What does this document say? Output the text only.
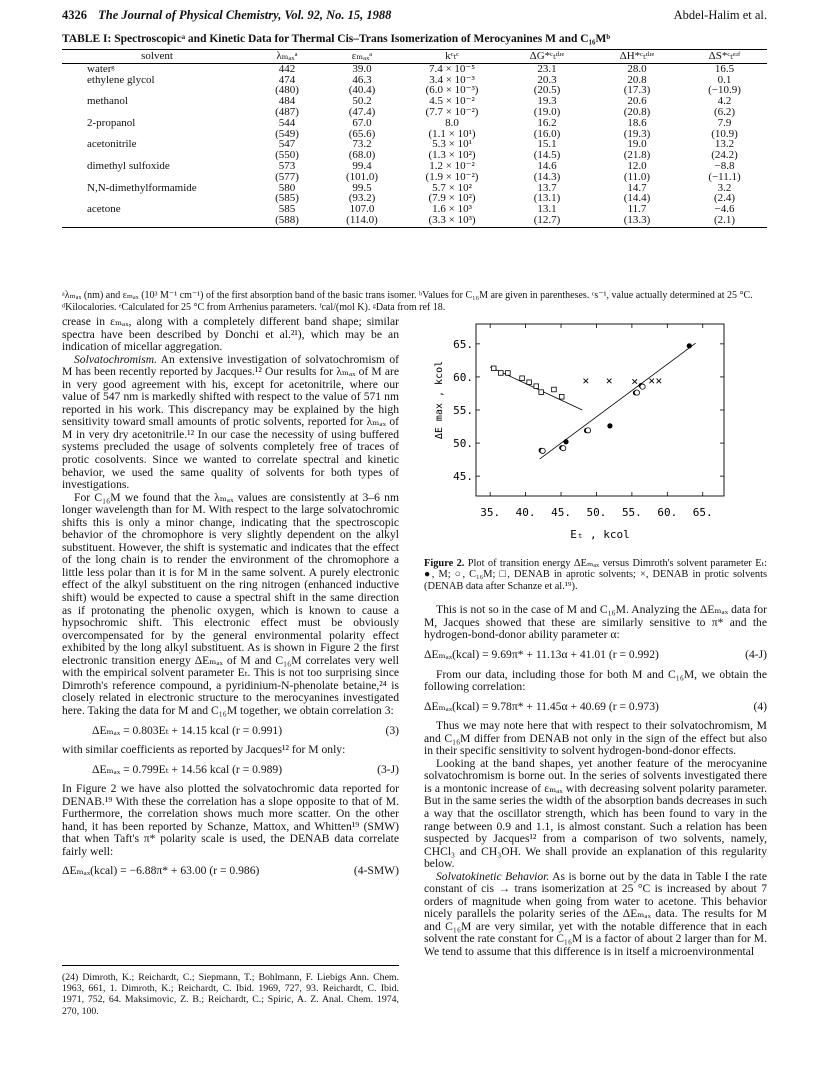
4326 The Journal of Physical Chemistry, Vol. 92, No. 15, 1988	Abdel-Halim et al.
TABLE I: Spectroscopicᵃ and Kinetic Data for Thermal Cis–Trans Isomerization of Merocyanines M and C₁₆Mᵇ
solvent	λₘₐₓᵃ	εₘₐₓᵃ	kᶜₜᶜ	ΔG*ᶜₜᵈʴᵉ	ΔH*ᶜₜᵈʴᵉ	ΔS*ᶜₜᵉʴᶠ
waterᵍ	442	39.0	7.4 × 10⁻⁵	23.1	28.0	16.5
ethylene glycol	474	46.3	3.4 × 10⁻³	20.3	20.8	0.1
	(480)	(40.4)	(6.0 × 10⁻³)	(20.5)	(17.3)	(−10.9)
methanol	484	50.2	4.5 × 10⁻²	19.3	20.6	4.2
	(487)	(47.4)	(7.7 × 10⁻²)	(19.0)	(20.8)	(6.2)
2-propanol	544	67.0	8.0	16.2	18.6	7.9
	(549)	(65.6)	(1.1 × 10¹)	(16.0)	(19.3)	(10.9)
acetonitrile	547	73.2	5.3 × 10¹	15.1	19.0	13.2
	(550)	(68.0)	(1.3 × 10²)	(14.5)	(21.8)	(24.2)
dimethyl sulfoxide	573	99.4	1.2 × 10⁻²	14.6	12.0	−8.8
	(577)	(101.0)	(1.9 × 10⁻²)	(14.3)	(11.0)	(−11.1)
N,N-dimethylformamide	580	99.5	5.7 × 10²	13.7	14.7	3.2
	(585)	(93.2)	(7.9 × 10²)	(13.1)	(14.4)	(2.4)
acetone	585	107.0	1.6 × 10³	13.1	11.7	−4.6
	(588)	(114.0)	(3.3 × 10³)	(12.7)	(13.3)	(2.1)
ᵃλₘₐₓ (nm) and εₘₐₓ (10³ M⁻¹ cm⁻¹) of the first absorption band of the basic trans isomer. ᵇValues for C₁₆M are given in parentheses. ᶜs⁻¹, value actually determined at 25 °C. ᵈKilocalories. ᵉCalculated for 25 °C from Arrhenius parameters. ᶠcal/(mol K). ᵍData from ref 18.

crease in εₘₐₓ, along with a completely different band shape; similar spectra have been described by Donchi et al.²¹), which may be an indication of micellar aggregation.

Solvatochromism. An extensive investigation of solvatochromism of M has been recently reported by Jacques.¹² Our results for λₘₐₓ of M are in very good agreement with his, except for acetonitrile, where our value of 547 nm is markedly shifted with respect to the value of 571 nm reported in his work. This discrepancy may be explained by the high sensitivity toward small amounts of protic solvents, reported for λₘₐₓ of M in very dry acetonitrile.¹² In our case the necessity of using buffered systems precluded the usage of solvents completely free of traces of protic cosolvents. Since we wanted to correlate spectral and kinetic behavior, we used the same quality of solvents for both types of investigations.

For C₁₆M we found that the λₘₐₓ values are consistently at 3–6 nm longer wavelength than for M. With respect to the large solvatochromic shifts this is only a minor change, indicating that the spectroscopic behavior of the chromophore is very slightly dependent on the alkyl substituent. However, the shift is systematic and indicates that the effect of the long chain is to render the environment of the chromophore a little less polar than it is for M in the same solvent. A purely electronic effect of the alkyl substituent on the ring nitrogen (enhanced inductive shift) would be expected to cause a spectral shift in the same direction as if protonating the phenolic oxygen, which is known to cause a hypsochromic shift. This electronic effect must be obviously overcompensated for by the general environmental polarity effect exhibited by the long alkyl substituent. As is shown in Figure 2 the first electronic transition energy ΔEₘₐₓ of M and C₁₆M correlates very well with the empirical solvent parameter Eₜ. This is not too surprising since Dimroth's reference compound, a pyridinium-N-phenolate betaine,²⁴ is closely related in electronic structure to the merocyanines investigated here. Taking the data for M and C₁₆M together, we obtain correlation 3:

ΔEₘₐₓ = 0.803Eₜ + 14.15 kcal (r = 0.991)	(3)

with similar coefficients as reported by Jacques¹² for M only:

ΔEₘₐₓ = 0.799Eₜ + 14.56 kcal (r = 0.989)	(3-J)

In Figure 2 we have also plotted the solvatochromic data reported for DENAB.¹⁹ With these the correlation has a slope opposite to that of M. Furthermore, the correlation shows much more scatter. On the other hand, it has been reported by Schanze, Mattox, and Whitten¹⁹ (SMW) that when Taft's π* polarity scale is used, the DENAB data correlate fairly well:

ΔEₘₐₓ(kcal) = −6.88π* + 63.00 (r = 0.986)	(4-SMW)
(24) Dimroth, K.; Reichardt, C.; Siepmann, T.; Bohlmann, F. Liebigs Ann. Chem. 1963, 661, 1. Dimroth, K.; Reichardt, C. Ibid. 1969, 727, 93. Reichardt, C. Ibid. 1971, 752, 64. Maksimovic, Z. B.; Reichardt, C.; Spiric, A. Z. Anal. Chem. 1974, 270, 100.
35. 40. 45. 50. 55. 60. 65.
45.
50.
55.
60.
65.
Eₜ , kcol
ΔE max , kcol
Figure 2. Plot of transition energy ΔEₘₐₓ versus Dimroth's solvent parameter Eₜ: ●, M; ○, C₁₆M; □, DENAB in aprotic solvents; ×, DENAB in protic solvents (DENAB data after Schanze et al.¹⁹).

This is not so in the case of M and C₁₆M. Analyzing the ΔEₘₐₓ data for M, Jacques showed that these are similarly sensitive to π* and the hydrogen-bond-donor ability parameter α:

ΔEₘₐₓ(kcal) = 9.69π* + 11.13α + 41.01 (r = 0.992)	(4-J)

From our data, including those for both M and C₁₆M, we obtain the following correlation:

ΔEₘₐₓ(kcal) = 9.78π* + 11.45α + 40.69 (r = 0.973)	(4)

Thus we may note here that with respect to their solvatochromism, M and C₁₆M differ from DENAB not only in the sign of the effect but also in their specific sensitivity to solvent hydrogen-bond-donor effects.

Looking at the band shapes, yet another feature of the merocyanine solvatochromism is borne out. In the series of solvents investigated there is a montonic increase of εₘₐₓ with decreasing solvent polarity parameter. But in the same series the width of the absorption bands decreases in such a way that the oscillator strength, which has been found to vary in the range between 0.9 and 1.1, is almost constant. Such a relation has been suspected by Jacques¹² from a comparison of two solvents, namely, CHCl₃ and CH₃OH. We shall provide an explanation of this regularity below.

Solvatokinetic Behavior. As is borne out by the data in Table I the rate constant of cis → trans isomerization at 25 °C is increased by about 7 orders of magnitude when going from water to acetone. This behavior nicely parallels the polarity series of the ΔEₘₐₓ data. The results for M and C₁₆M are very similar, yet with the notable difference that in each solvent the rate constant for C₁₆M is a factor of about 2 larger than for M. We tend to assume that this difference is in itself a microenvironmental
